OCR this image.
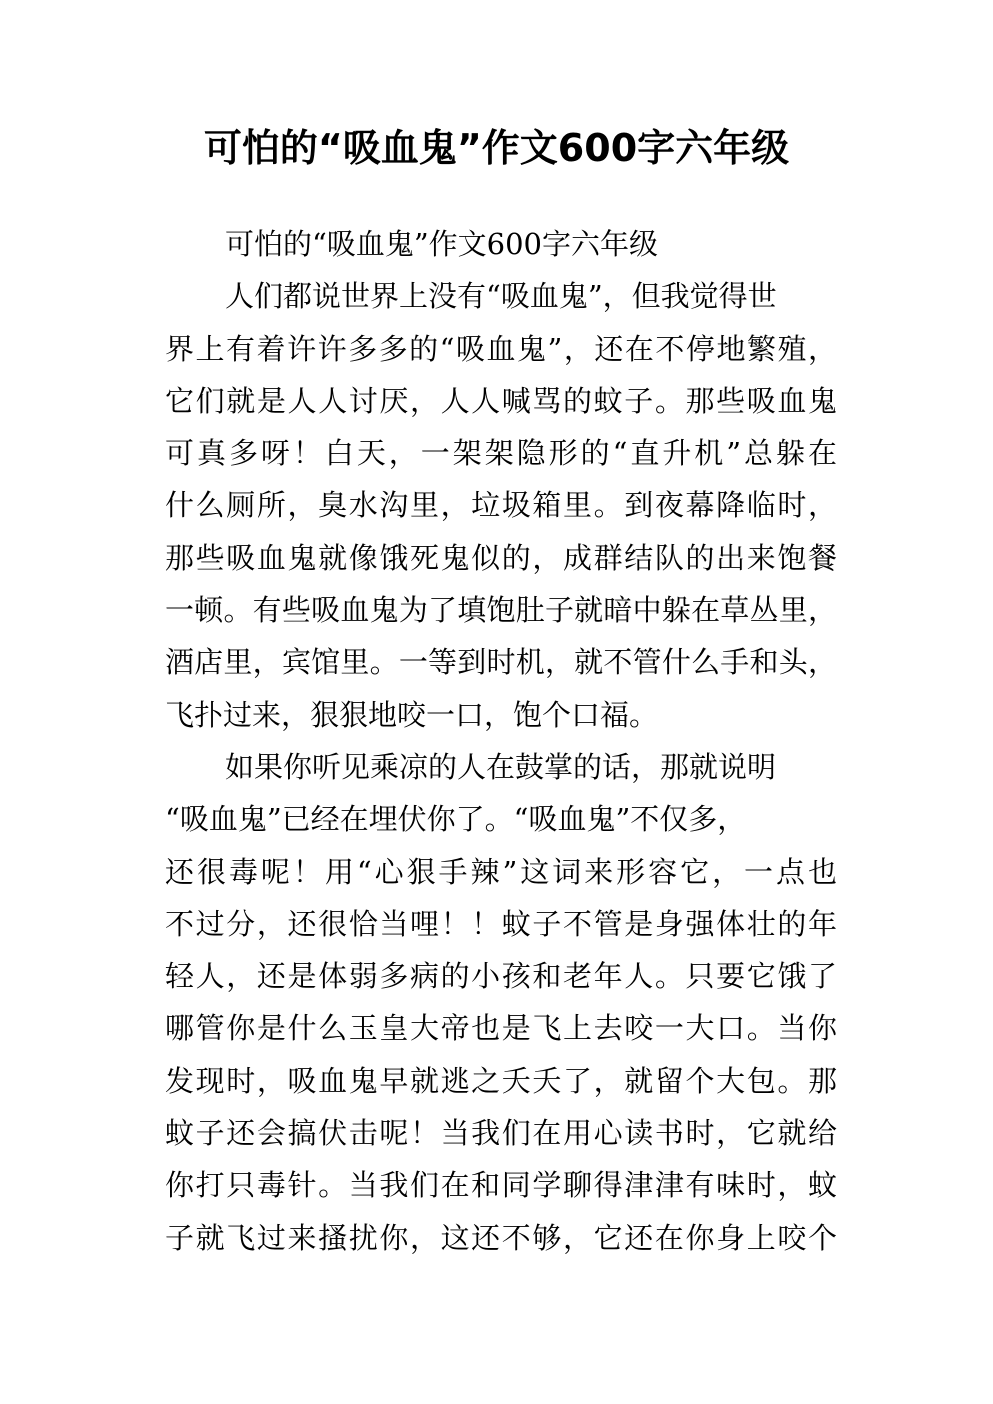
可怕的“吸血鬼”作文600字六年级
可怕的“吸血鬼”作文600字六年级
人们都说世界上没有“吸血鬼”，但我觉得世
界上有着许许多多的“吸血鬼”，还在不停地繁殖，
它们就是人人讨厌，人人喊骂的蚊子。那些吸血鬼
可真多呀！白天，一架架隐形的“直升机”总躲在
什么厕所，臭水沟里，垃圾箱里。到夜幕降临时，
那些吸血鬼就像饿死鬼似的，成群结队的出来饱餐
一顿。有些吸血鬼为了填饱肚子就暗中躲在草丛里，
酒店里，宾馆里。一等到时机，就不管什么手和头，
飞扑过来，狠狠地咬一口，饱个口福。
如果你听见乘凉的人在鼓掌的话，那就说明
“吸血鬼”已经在埋伏你了。“吸血鬼”不仅多，
还很毒呢！用“心狠手辣”这词来形容它，一点也
不过分，还很恰当哩！！蚊子不管是身强体壮的年
轻人，还是体弱多病的小孩和老年人。只要它饿了
哪管你是什么玉皇大帝也是飞上去咬一大口。当你
发现时，吸血鬼早就逃之夭夭了，就留个大包。那
蚊子还会搞伏击呢！当我们在用心读书时，它就给
你打只毒针。当我们在和同学聊得津津有味时，蚊
子就飞过来搔扰你，这还不够，它还在你身上咬个
